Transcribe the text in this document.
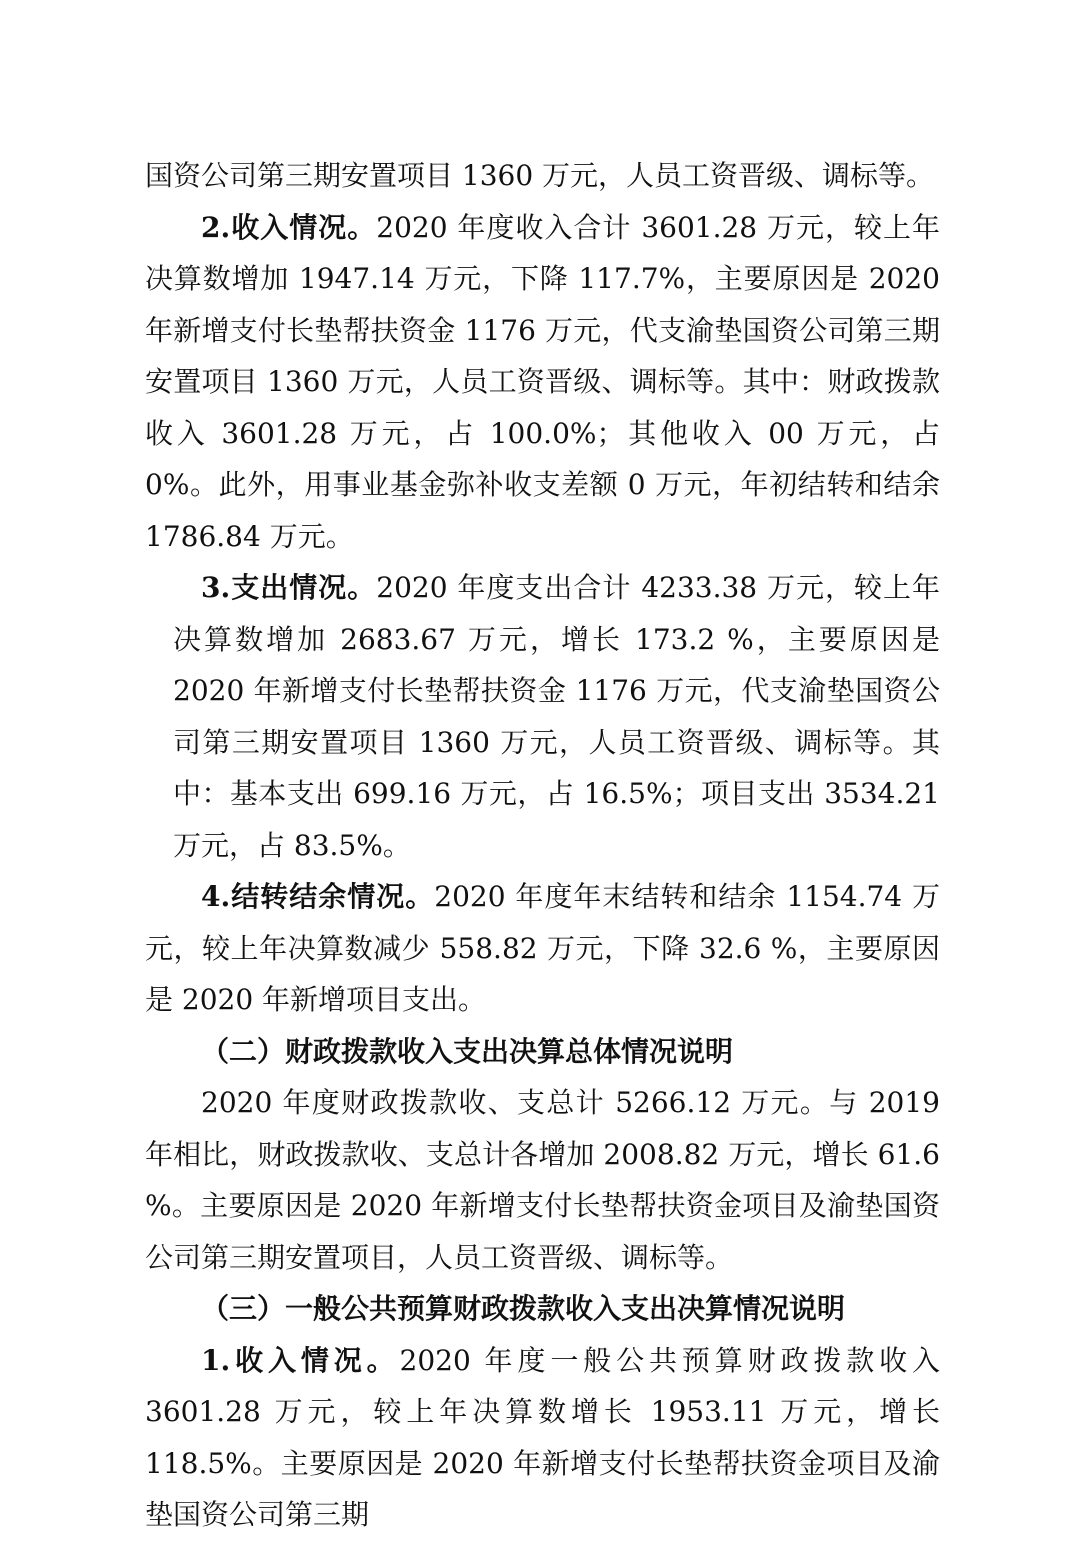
国资公司第三期安置项目 1360 万元，人员工资晋级、调标等。

2.收入情况。2020 年度收入合计 3601.28 万元，较上年决算数增加 1947.14 万元，下降 117.7%，主要原因是 2020 年新增支付长垫帮扶资金 1176 万元，代支渝垫国资公司第三期安置项目 1360 万元，人员工资晋级、调标等。其中：财政拨款收入 3601.28 万元，占 100.0%；其他收入 00 万元，占 0%。此外，用事业基金弥补收支差额 0 万元，年初结转和结余 1786.84 万元。

3.支出情况。2020 年度支出合计 4233.38 万元，较上年决算数增加 2683.67 万元，增长 173.2 %，主要原因是 2020 年新增支付长垫帮扶资金 1176 万元，代支渝垫国资公司第三期安置项目 1360 万元，人员工资晋级、调标等。其中：基本支出 699.16 万元，占 16.5%；项目支出 3534.21 万元，占 83.5%。

4.结转结余情况。2020 年度年末结转和结余 1154.74 万元，较上年决算数减少 558.82 万元，下降 32.6 %，主要原因是 2020 年新增项目支出。

（二）财政拨款收入支出决算总体情况说明

2020 年度财政拨款收、支总计 5266.12 万元。与 2019 年相比，财政拨款收、支总计各增加 2008.82 万元，增长 61.6 %。主要原因是 2020 年新增支付长垫帮扶资金项目及渝垫国资公司第三期安置项目，人员工资晋级、调标等。

（三）一般公共预算财政拨款收入支出决算情况说明

1.收入情况。2020 年度一般公共预算财政拨款收入 3601.28 万元，较上年决算数增长 1953.11 万元，增长 118.5%。主要原因是 2020 年新增支付长垫帮扶资金项目及渝垫国资公司第三期
